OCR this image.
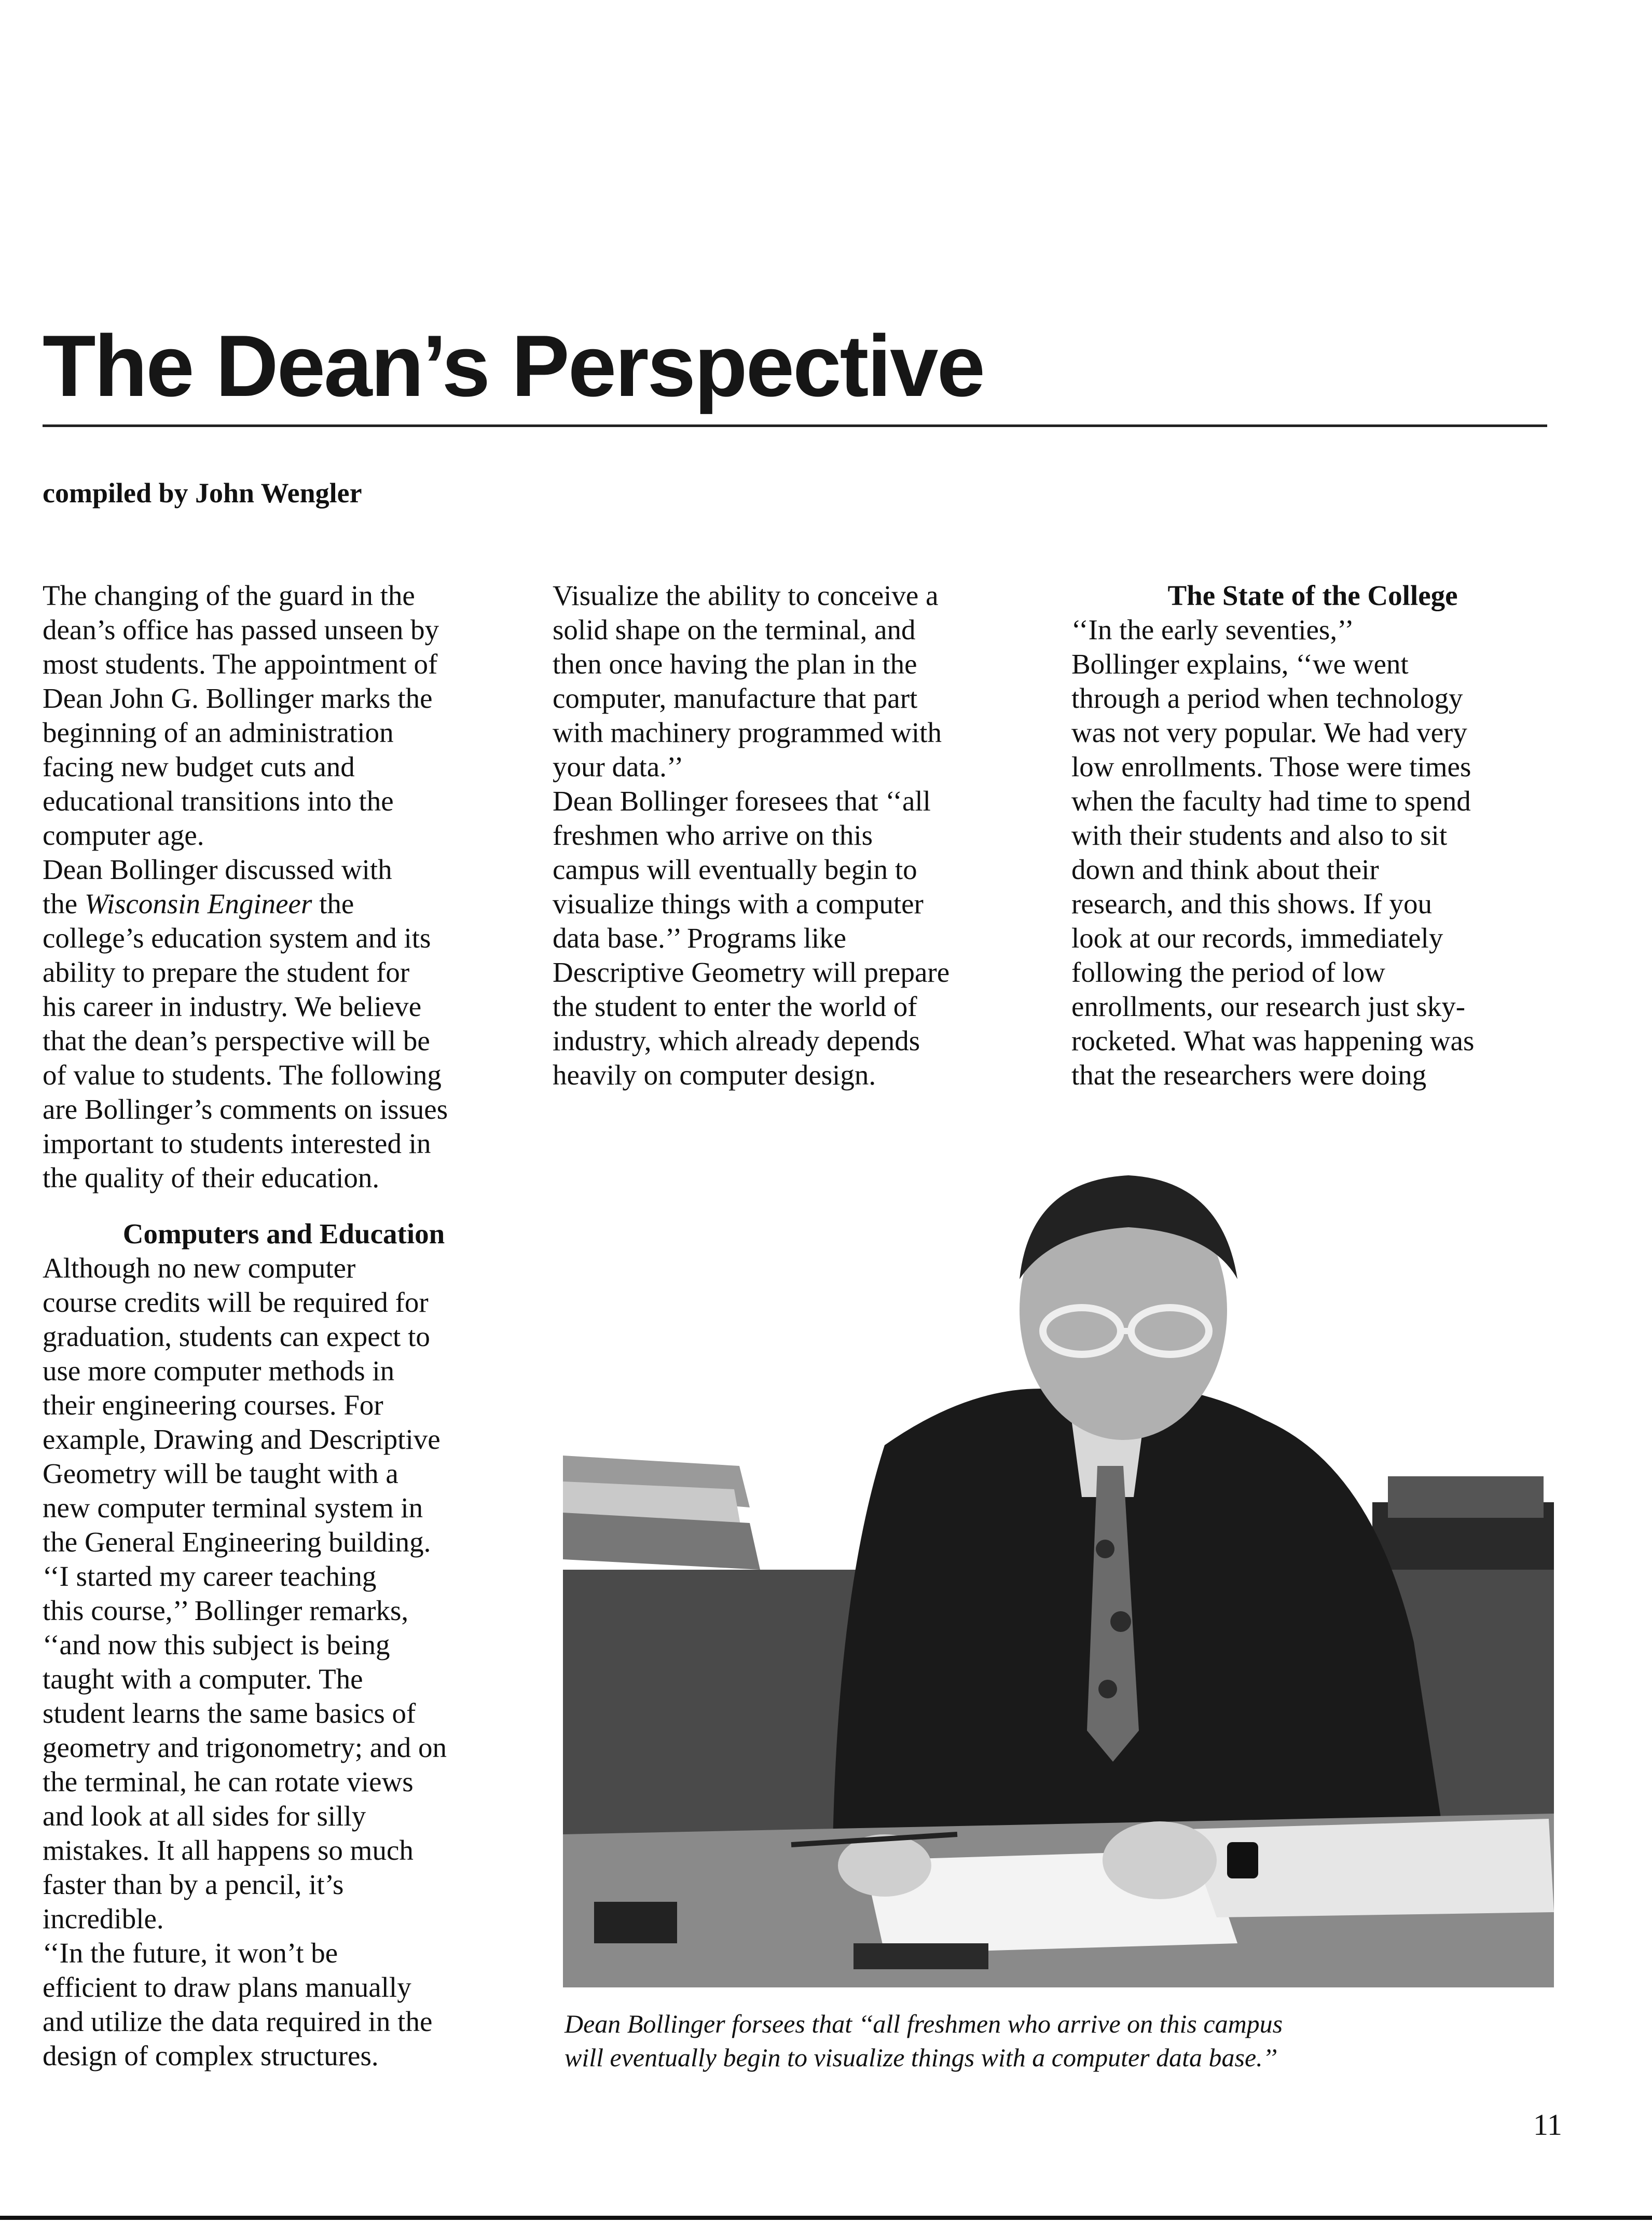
The Dean’s Perspective
compiled by John Wengler

The changing of the guard in the
dean’s office has passed unseen by
most students. The appointment of
Dean John G. Bollinger marks the
beginning of an administration
facing new budget cuts and
educational transitions into the
computer age.

Dean Bollinger discussed with
the Wisconsin Engineer the
college’s education system and its
ability to prepare the student for
his career in industry. We believe
that the dean’s perspective will be
of value to students. The following
are Bollinger’s comments on issues
important to students interested in
the quality of their education.

Visualize the ability to conceive a
solid shape on the terminal, and
then once having the plan in the
computer, manufacture that part
with machinery programmed with
your data.’’

Dean Bollinger foresees that ‘‘all
freshmen who arrive on this
campus will eventually begin to
visualize things with a computer
data base.’’ Programs like
Descriptive Geometry will prepare
the student to enter the world of
industry, which already depends
heavily on computer design.

The State of the College

‘‘In the early seventies,’’
Bollinger explains, ‘‘we went
through a period when technology
was not very popular. We had very
low enrollments. Those were times
when the faculty had time to spend
with their students and also to sit
down and think about their
research, and this shows. If you
look at our records, immediately
following the period of low
enrollments, our research just sky-
rocketed. What was happening was
that the researchers were doing

Computers and Education

Although no new computer
course credits will be required for
graduation, students can expect to
use more computer methods in
their engineering courses. For
example, Drawing and Descriptive
Geometry will be taught with a
new computer terminal system in
the General Engineering building.

‘‘I started my career teaching
this course,’’ Bollinger remarks,
‘‘and now this subject is being
taught with a computer. The
student learns the same basics of
geometry and trigonometry; and on
the terminal, he can rotate views
and look at all sides for silly
mistakes. It all happens so much
faster than by a pencil, it’s
incredible.

‘‘In the future, it won’t be
efficient to draw plans manually
and utilize the data required in the
design of complex structures.

Dean Bollinger forsees that ‘‘all freshmen who arrive on this campus
will eventually begin to visualize things with a computer data base.’’
11
